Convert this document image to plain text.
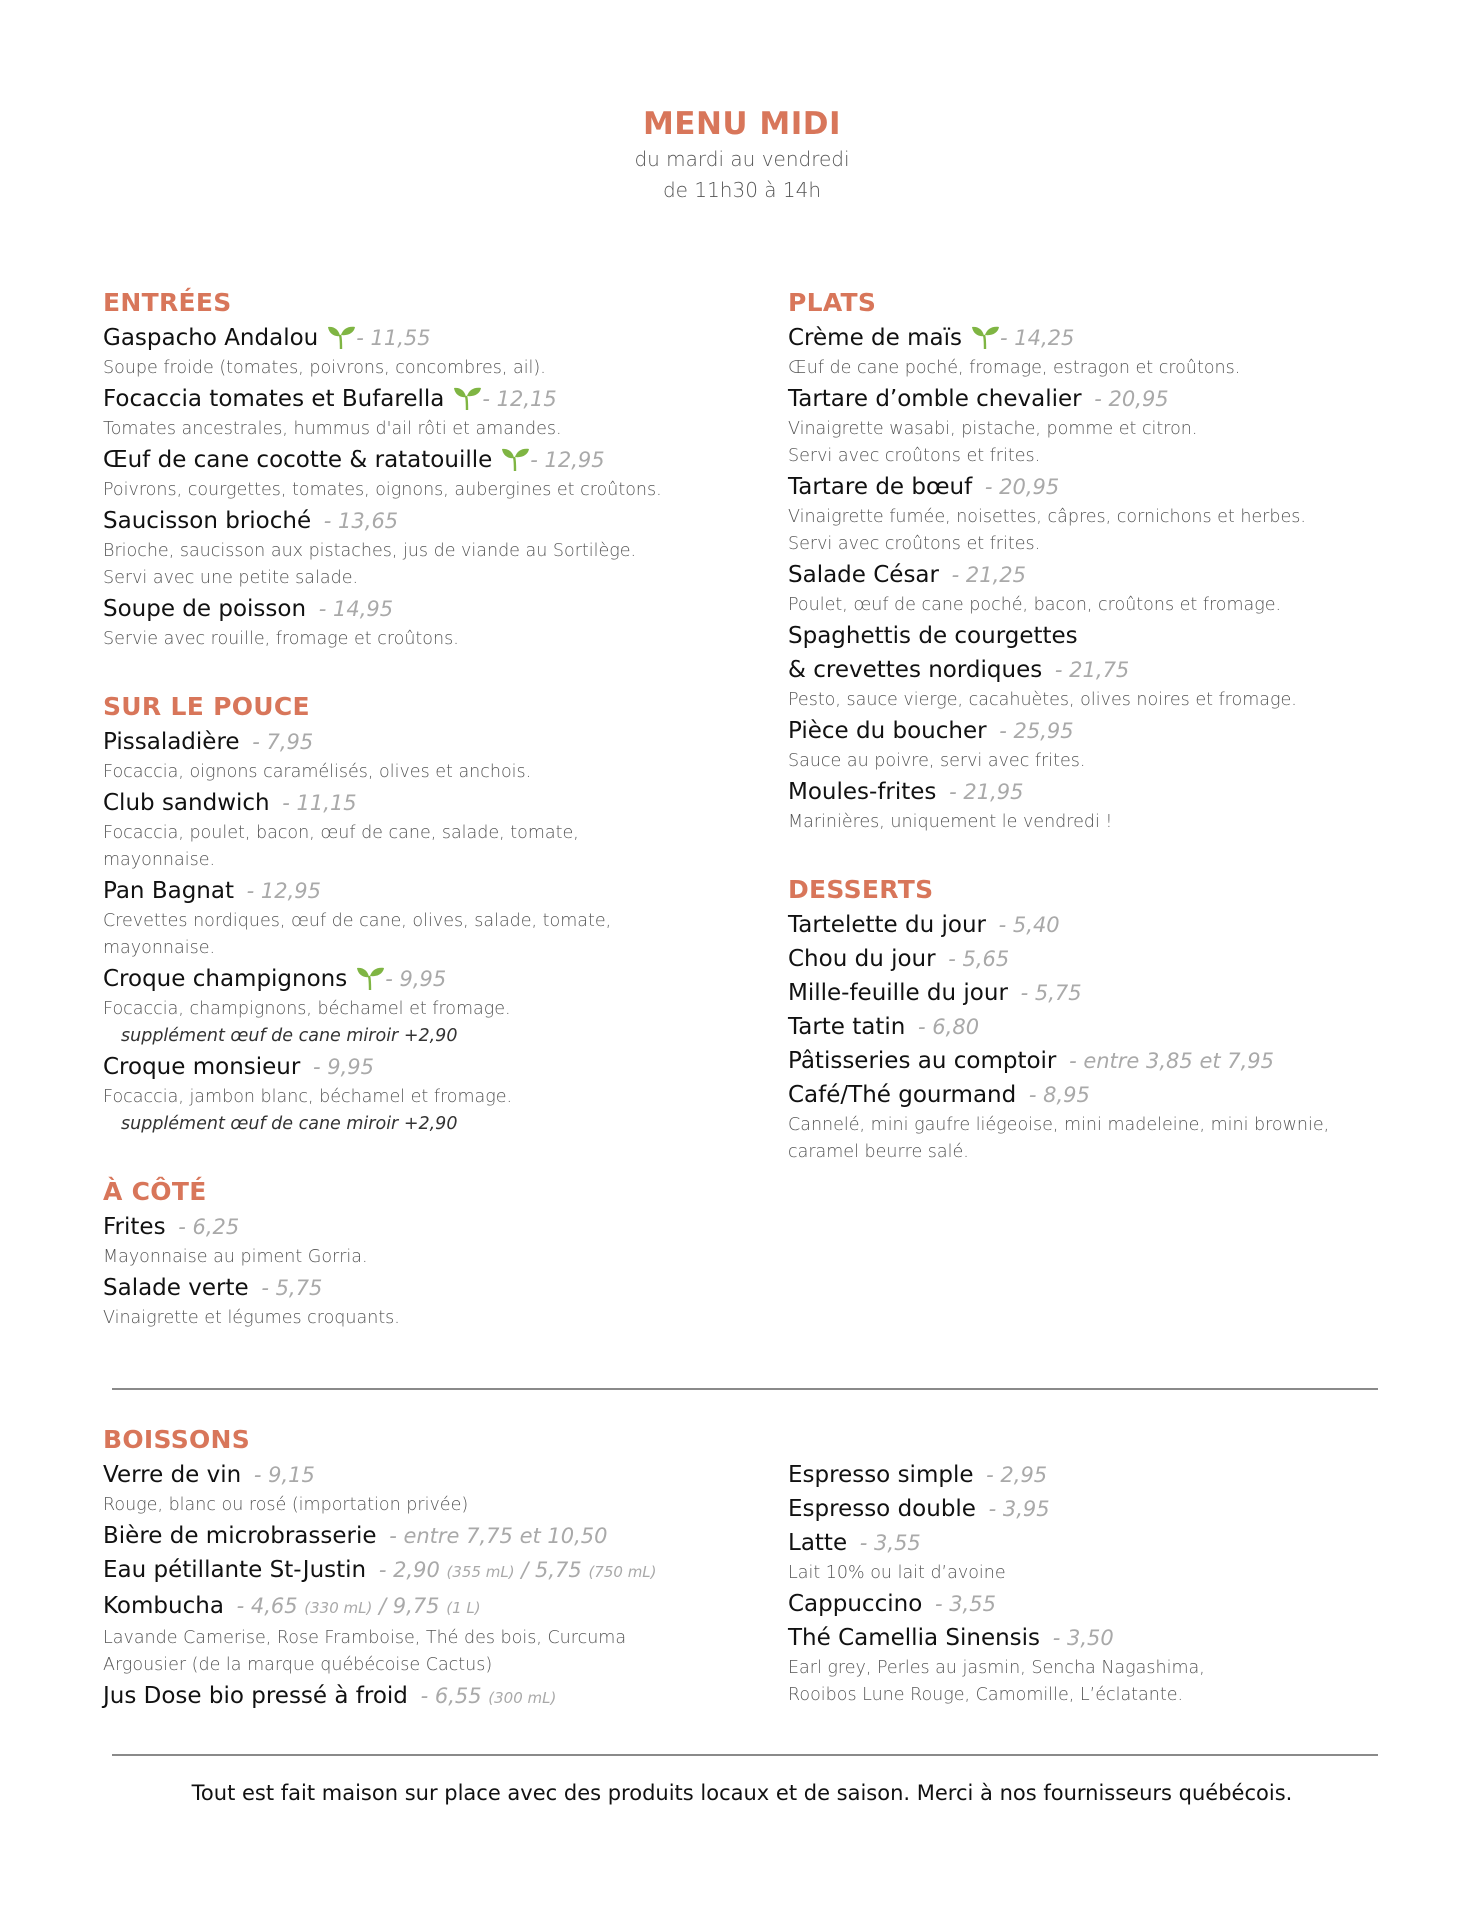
MENU MIDI
du mardi au vendredi
de 11h30 à 14h
ENTRÉES
Gaspacho Andalou - 11,55
Soupe froide (tomates, poivrons, concombres, ail).
Focaccia tomates et Bufarella - 12,15
Tomates ancestrales, hummus d'ail rôti et amandes.
Œuf de cane cocotte & ratatouille - 12,95
Poivrons, courgettes, tomates, oignons, aubergines et croûtons.
Saucisson brioché - 13,65
Brioche, saucisson aux pistaches, jus de viande au Sortilège.
Servi avec une petite salade.
Soupe de poisson - 14,95
Servie avec rouille, fromage et croûtons.
SUR LE POUCE
Pissaladière - 7,95
Focaccia, oignons caramélisés, olives et anchois.
Club sandwich - 11,15
Focaccia, poulet, bacon, œuf de cane, salade, tomate,
mayonnaise.
Pan Bagnat - 12,95
Crevettes nordiques, œuf de cane, olives, salade, tomate,
mayonnaise.
Croque champignons - 9,95
Focaccia, champignons, béchamel et fromage.
supplément œuf de cane miroir +2,90
Croque monsieur - 9,95
Focaccia, jambon blanc, béchamel et fromage.
supplément œuf de cane miroir +2,90
À CÔTÉ
Frites - 6,25
Mayonnaise au piment Gorria.
Salade verte - 5,75
Vinaigrette et légumes croquants.
PLATS
Crème de maïs - 14,25
Œuf de cane poché, fromage, estragon et croûtons.
Tartare d’omble chevalier - 20,95
Vinaigrette wasabi, pistache, pomme et citron.
Servi avec croûtons et frites.
Tartare de bœuf - 20,95
Vinaigrette fumée, noisettes, câpres, cornichons et herbes.
Servi avec croûtons et frites.
Salade César - 21,25
Poulet, œuf de cane poché, bacon, croûtons et fromage.
Spaghettis de courgettes
& crevettes nordiques - 21,75
Pesto, sauce vierge, cacahuètes, olives noires et fromage.
Pièce du boucher - 25,95
Sauce au poivre, servi avec frites.
Moules-frites - 21,95
Marinières, uniquement le vendredi !
DESSERTS
Tartelette du jour - 5,40
Chou du jour - 5,65
Mille-feuille du jour - 5,75
Tarte tatin - 6,80
Pâtisseries au comptoir - entre 3,85 et 7,95
Café/Thé gourmand - 8,95
Cannelé, mini gaufre liégeoise, mini madeleine, mini brownie,
caramel beurre salé.
BOISSONS
Verre de vin - 9,15
Rouge, blanc ou rosé (importation privée)
Bière de microbrasserie - entre 7,75 et 10,50
Eau pétillante St-Justin - 2,90 (355 mL) / 5,75 (750 mL)
Kombucha - 4,65 (330 mL) / 9,75 (1 L)
Lavande Camerise, Rose Framboise, Thé des bois, Curcuma
Argousier (de la marque québécoise Cactus)
Jus Dose bio pressé à froid - 6,55 (300 mL)
Espresso simple - 2,95
Espresso double - 3,95
Latte - 3,55
Lait 10% ou lait d’avoine
Cappuccino - 3,55
Thé Camellia Sinensis - 3,50
Earl grey, Perles au jasmin, Sencha Nagashima,
Rooibos Lune Rouge, Camomille, L’éclatante.
Tout est fait maison sur place avec des produits locaux et de saison. Merci à nos fournisseurs québécois.
